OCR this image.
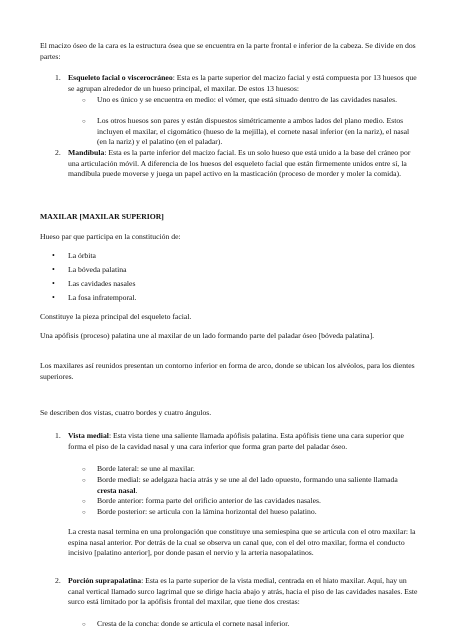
El macizo óseo de la cara es la estructura ósea que se encuentra en la parte frontal e inferior de la cabeza. Se divide en dos partes:

1. Esqueleto facial o viscerocráneo: Esta es la parte superior del macizo facial y está compuesta por 13 huesos que se agrupan alrededor de un hueso principal, el maxilar. De estos 13 huesos:

○ Uno es único y se encuentra en medio: el vómer, que está situado dentro de las cavidades nasales.

○ Los otros huesos son pares y están dispuestos simétricamente a ambos lados del plano medio. Estos incluyen el maxilar, el cigomático (hueso de la mejilla), el cornete nasal inferior (en la nariz), el nasal (en la nariz) y el palatino (en el paladar).

2. Mandíbula: Esta es la parte inferior del macizo facial. Es un solo hueso que está unido a la base del cráneo por una articulación móvil. A diferencia de los huesos del esqueleto facial que están firmemente unidos entre sí, la mandíbula puede moverse y juega un papel activo en la masticación (proceso de morder y moler la comida).

MAXILAR [MAXILAR SUPERIOR]

Hueso par que participa en la constitución de:

• La órbita
• La bóveda palatina
• Las cavidades nasales
• La fosa infratemporal.

Constituye la pieza principal del esqueleto facial.

Una apófisis (proceso) palatina une al maxilar de un lado formando parte del paladar óseo [bóveda palatina].

Los maxilares así reunidos presentan un contorno inferior en forma de arco, donde se ubican los alvéolos, para los dientes superiores.

Se describen dos vistas, cuatro bordes y cuatro ángulos.

1. Vista medial: Esta vista tiene una saliente llamada apófisis palatina. Esta apófisis tiene una cara superior que forma el piso de la cavidad nasal y una cara inferior que forma gran parte del paladar óseo.

○ Borde lateral: se une al maxilar.

○ Borde medial: se adelgaza hacia atrás y se une al del lado opuesto, formando una saliente llamada cresta nasal.

○ Borde anterior: forma parte del orificio anterior de las cavidades nasales.

○ Borde posterior: se articula con la lámina horizontal del hueso palatino.

La cresta nasal termina en una prolongación que constituye una semiespina que se articula con el otro maxilar: la espina nasal anterior. Por detrás de la cual se observa un canal que, con el del otro maxilar, forma el conducto incisivo [palatino anterior], por donde pasan el nervio y la arteria nasopalatinos.

2. Porción suprapalatina: Esta es la parte superior de la vista medial, centrada en el hiato maxilar. Aquí, hay un canal vertical llamado surco lagrimal que se dirige hacia abajo y atrás, hacia el piso de las cavidades nasales. Este surco está limitado por la apófisis frontal del maxilar, que tiene dos crestas:

○ Cresta de la concha: donde se articula el cornete nasal inferior.
